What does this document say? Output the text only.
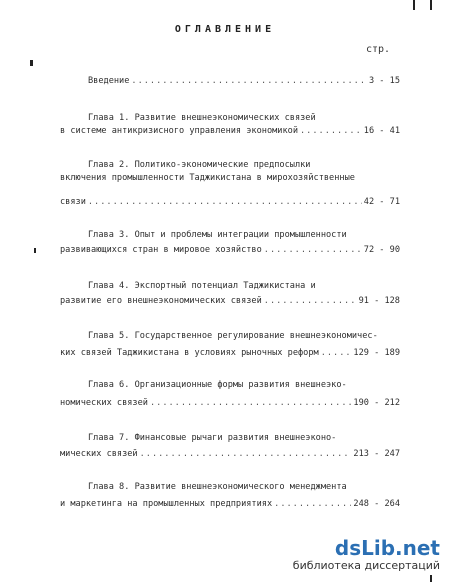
ОГЛАВЛЕНИЕ
стр.
Введение .....	3 - 15
Глава 1. Развитие внешнеэкономических связей
в системе антикризисного управления экономикой .....	16 - 41
Глава 2. Политико-экономические предпосылки
включения промышленности Таджикистана в мирохозяйственные
связи .....	42 - 71
Глава 3. Опыт и проблемы интеграции промышленности
развивающихся стран в мировое хозяйство .....	72 - 90
Глава 4. Экспортный потенциал Таджикистана и
развитие его внешнеэкономических связей .....	91 - 128
Глава 5. Государственное регулирование внешнеэкономичес-
ких связей Таджикистана в условиях рыночных реформ .....	129 - 189
Глава 6. Организационные формы развития внешнеэко-
номических связей .....	190 - 212
Глава 7. Финансовые рычаги развития внешнеэконо-
мических связей .....	213 - 247
Глава 8. Развитие внешнеэкономического менеджмента
и маркетинга на промышленных предприятиях .....	248 - 264
dsLib.net
библиотека диссертаций
